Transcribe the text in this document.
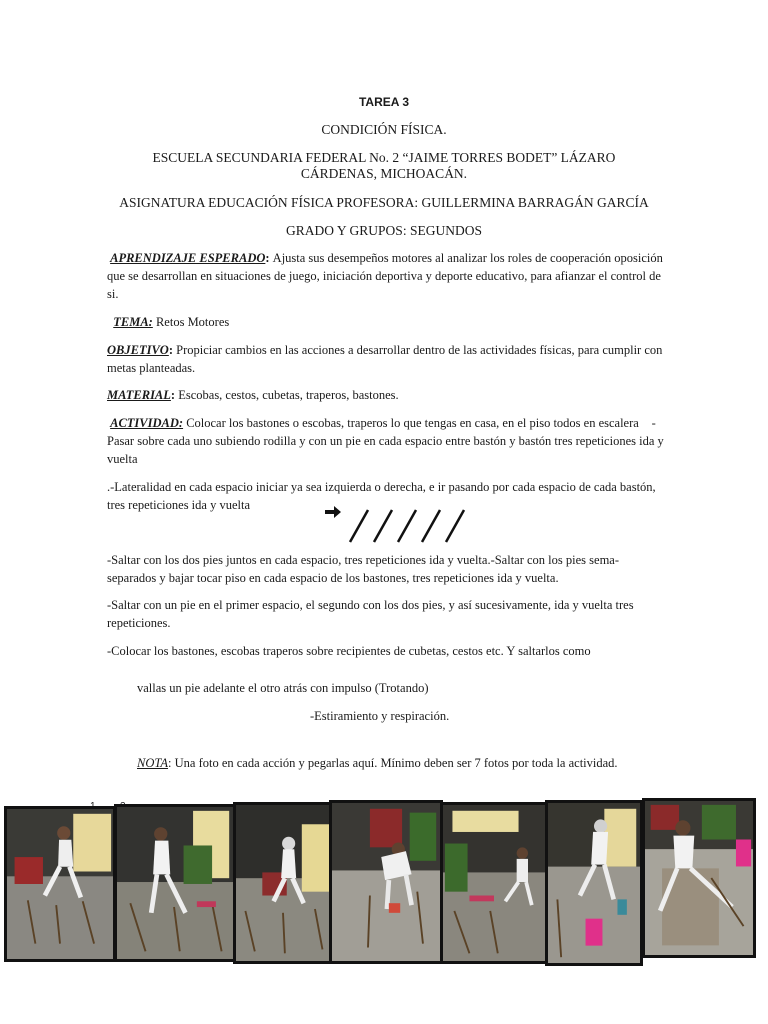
TAREA 3
CONDICIÓN FÍSICA.
ESCUELA SECUNDARIA FEDERAL No. 2 “JAIME TORRES BODET” LÁZARO
CÁRDENAS, MICHOACÁN.
ASIGNATURA EDUCACIÓN FÍSICA PROFESORA: GUILLERMINA BARRAGÁN GARCÍA
GRADO Y GRUPOS: SEGUNDOS
APRENDIZAJE ESPERADO: Ajusta sus desempeños motores al analizar los roles de cooperación oposición que se desarrollan en situaciones de juego, iniciación deportiva y deporte educativo, para afianzar el control de si.
TEMA: Retos Motores
OBJETIVO: Propiciar cambios en las acciones a desarrollar dentro de las actividades físicas, para cumplir con metas planteadas.
MATERIAL: Escobas, cestos, cubetas, traperos, bastones.
ACTIVIDAD: Colocar los bastones o escobas, traperos lo que tengas en casa, en el piso todos en escalera  -Pasar sobre cada uno subiendo rodilla y con un pie en cada espacio entre bastón y bastón tres repeticiones ida y vuelta
.-Lateralidad en cada espacio iniciar ya sea izquierda o derecha, e ir pasando por cada espacio de cada bastón, tres repeticiones ida y vuelta
-Saltar con los dos pies juntos en cada espacio, tres repeticiones ida y vuelta.-Saltar con los pies sema-separados y bajar tocar piso en cada espacio de los bastones, tres repeticiones ida y vuelta.
-Saltar con un pie en el primer espacio, el segundo con los dos pies, y así sucesivamente, ida y vuelta tres repeticiones.
-Colocar los bastones, escobas traperos sobre recipientes de cubetas, cestos etc. Y saltarlos como
vallas un pie adelante el otro atrás con impulso (Trotando)
-Estiramiento y respiración.
NOTA: Una foto en cada acción y pegarlas aquí. Mínimo deben ser 7 fotos por toda la actividad.
